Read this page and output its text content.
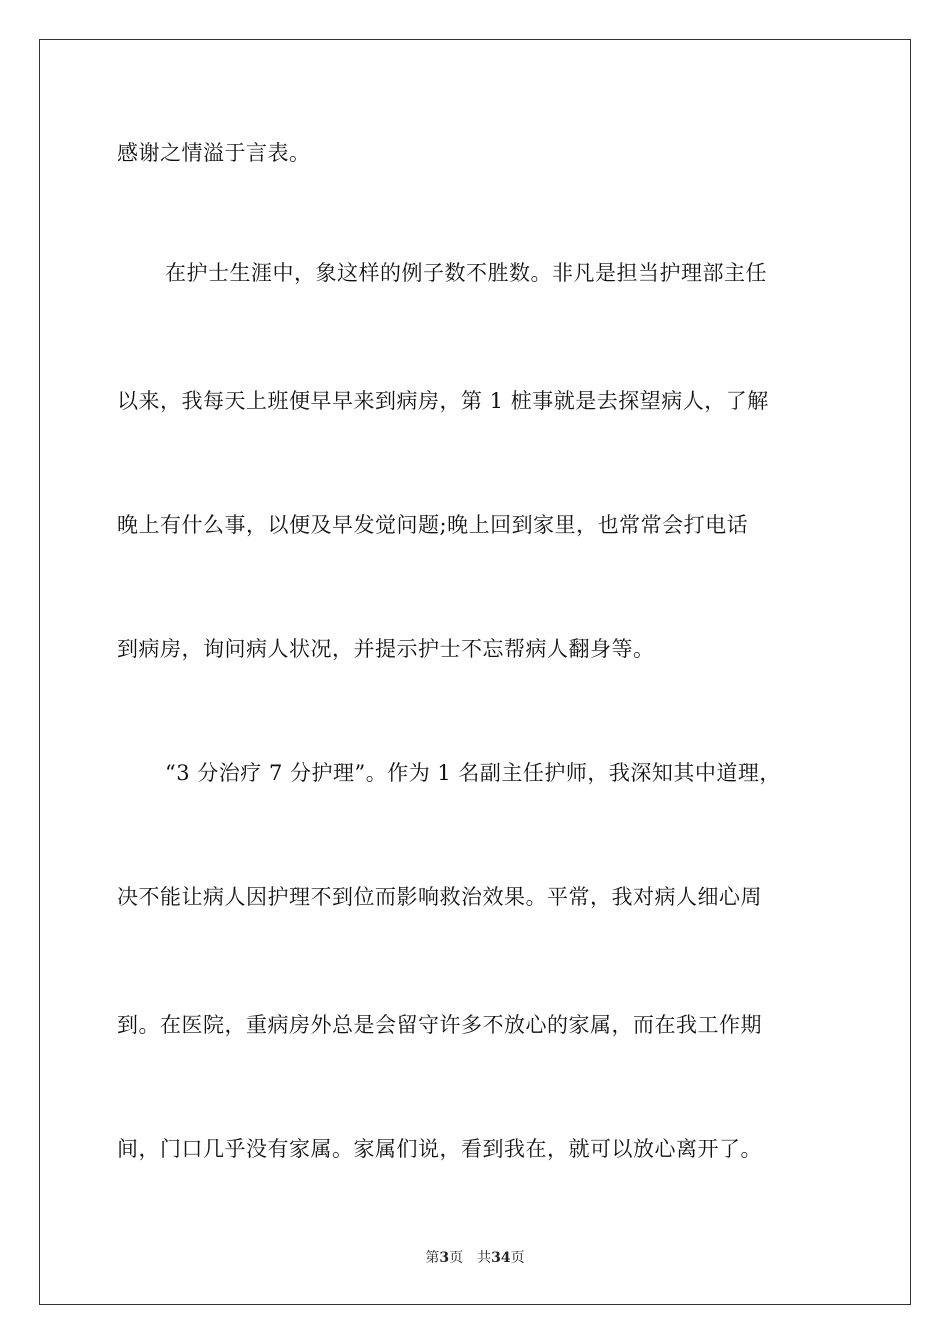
感谢之情溢于言表。
在护士生涯中，象这样的例子数不胜数。非凡是担当护理部主任
以来，我每天上班便早早来到病房，第 1 桩事就是去探望病人，了解
晚上有什么事，以便及早发觉问题;晚上回到家里，也常常会打电话
到病房，询问病人状况，并提示护士不忘帮病人翻身等。
“3 分治疗 7 分护理”。作为 1 名副主任护师，我深知其中道理，
决不能让病人因护理不到位而影响救治效果。平常，我对病人细心周
到。在医院，重病房外总是会留守许多不放心的家属，而在我工作期
间，门口几乎没有家属。家属们说，看到我在，就可以放心离开了。
第3页 共34页
